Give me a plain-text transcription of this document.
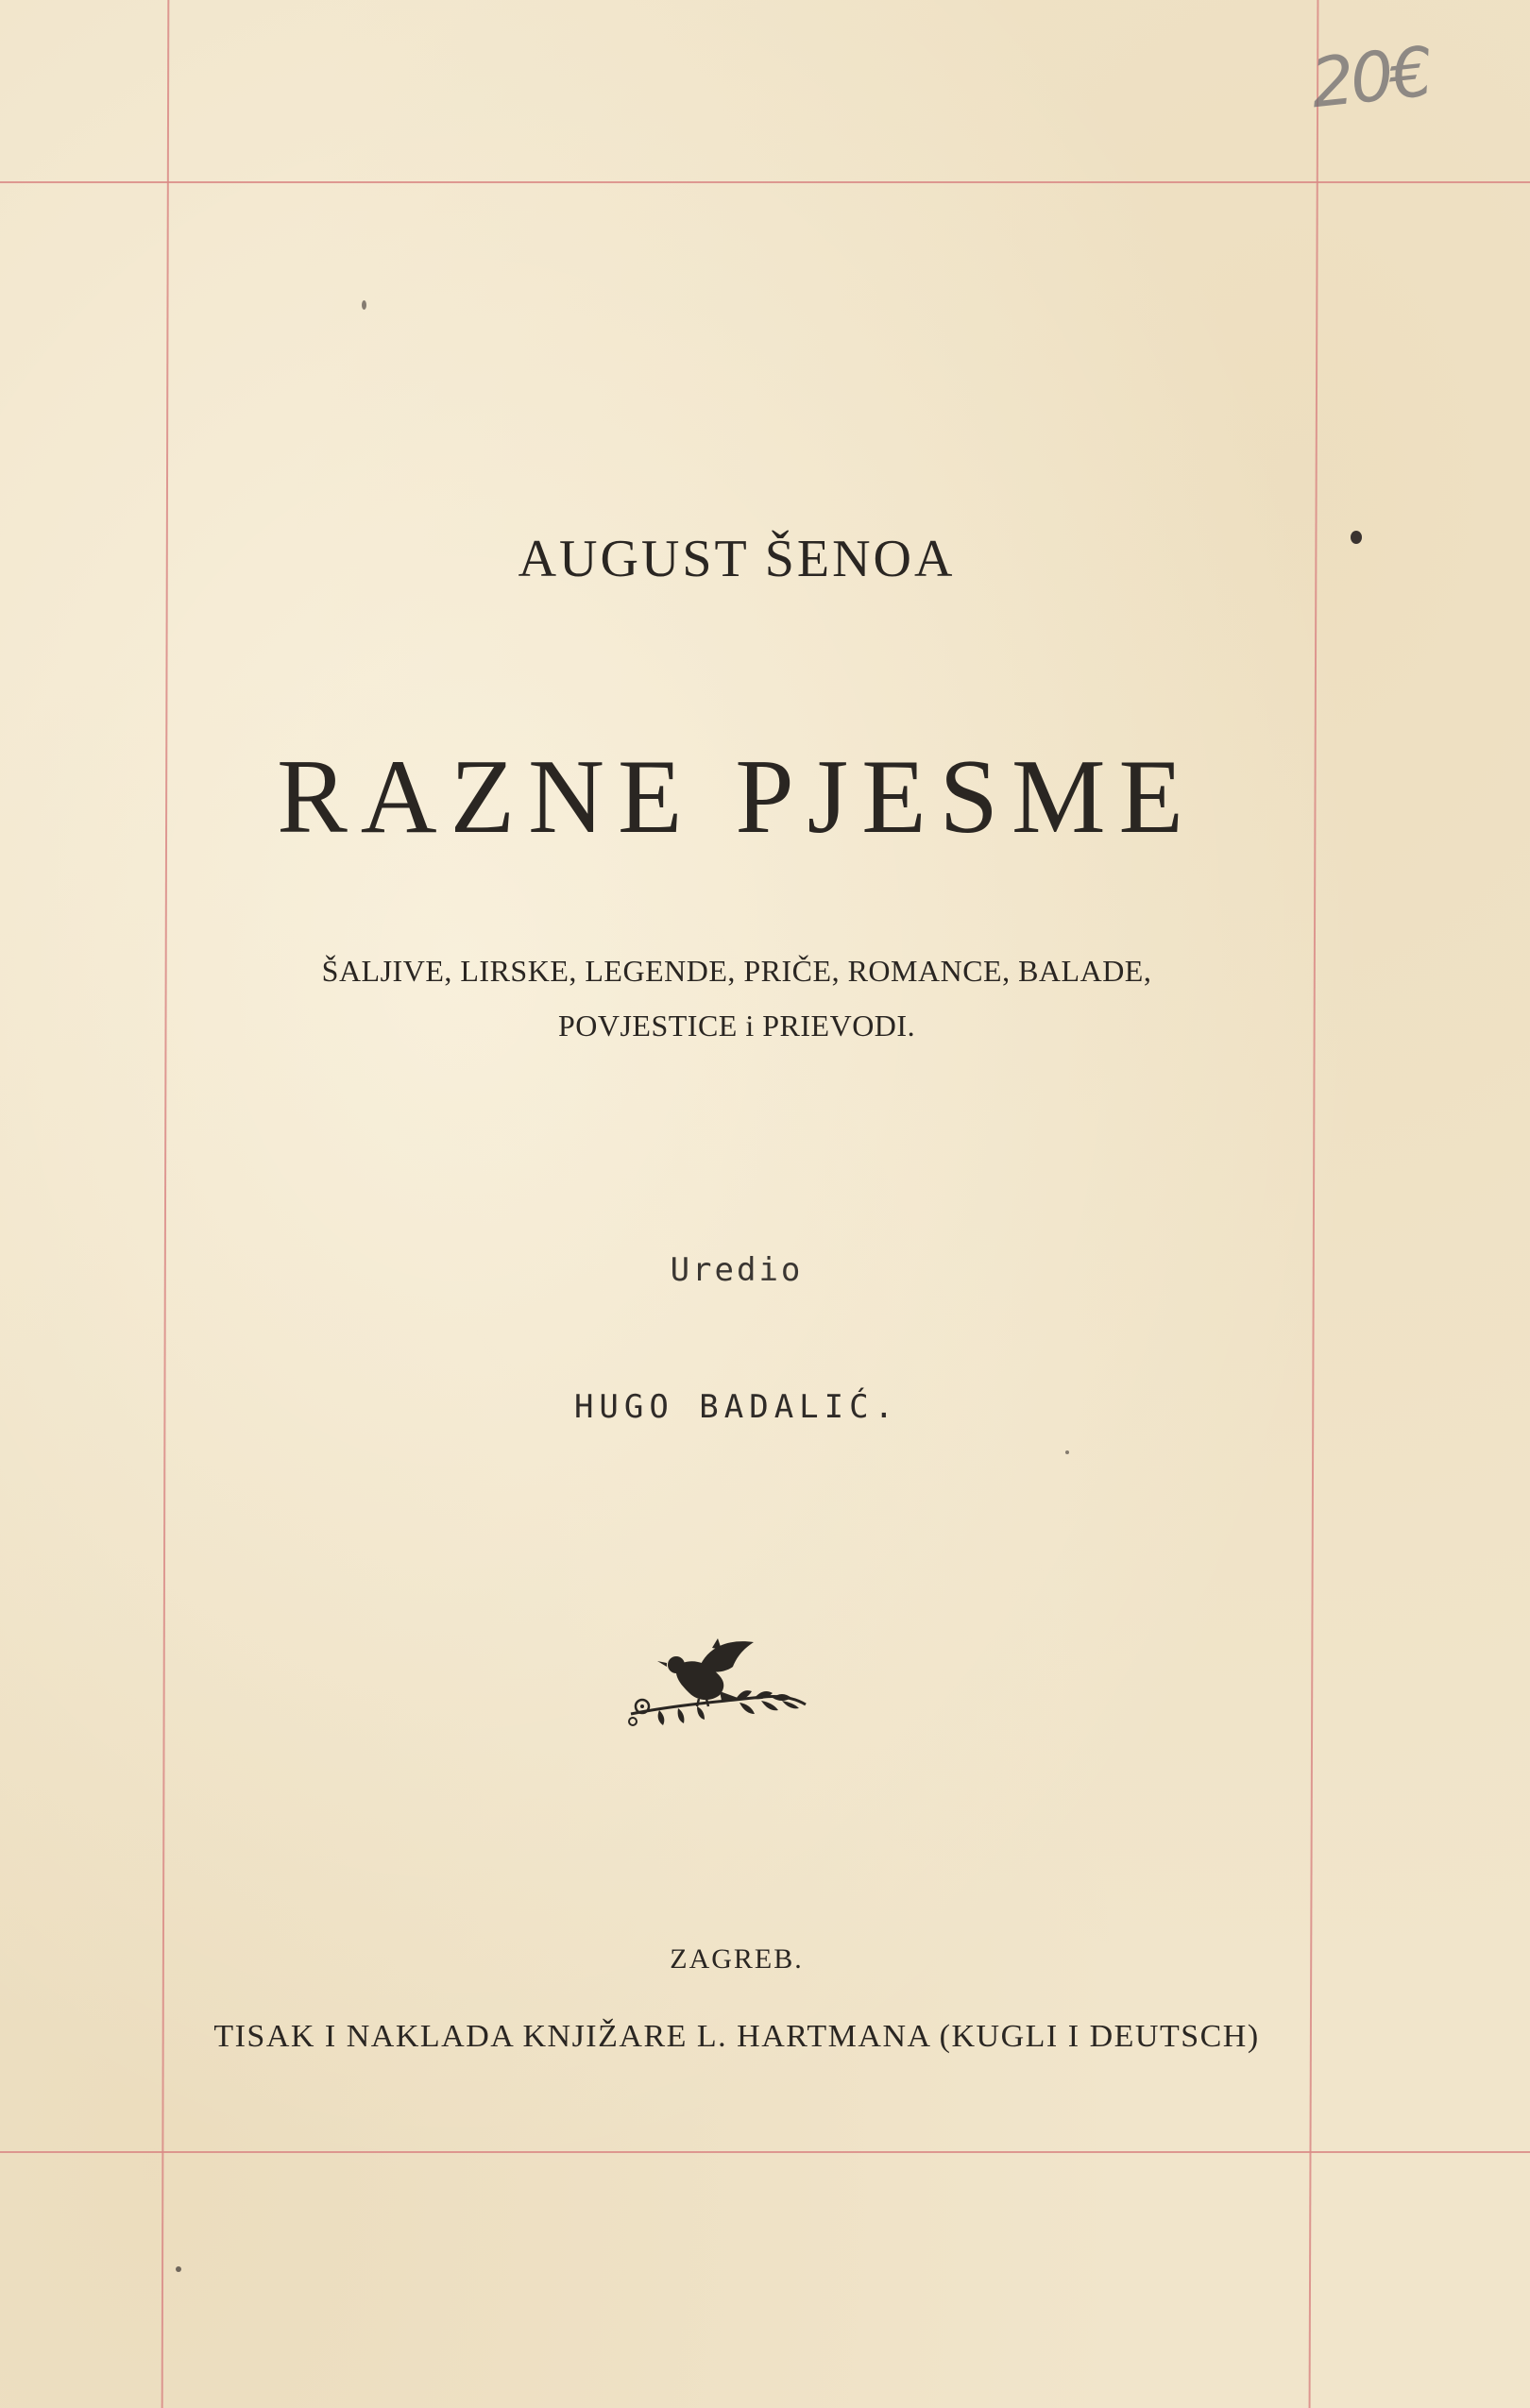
20€
AUGUST ŠENOA
RAZNE PJESME
ŠALJIVE, LIRSKE, LEGENDE, PRIČE, ROMANCE, BALADE,
POVJESTICE i PRIEVODI.
Uredio
HUGO BADALIĆ.
ZAGREB.
TISAK I NAKLADA KNJIŽARE L. HARTMANA (KUGLI I DEUTSCH)
